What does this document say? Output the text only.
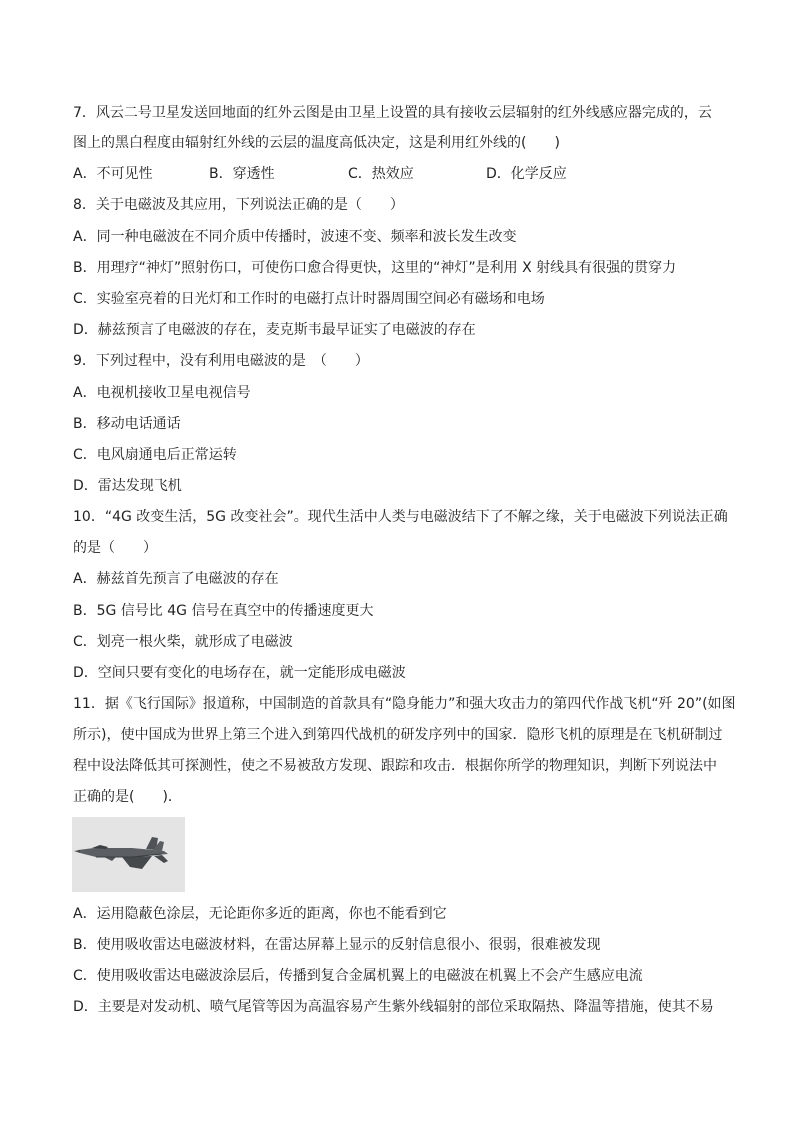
7．风云二号卫星发送回地面的红外云图是由卫星上设置的具有接收云层辐射的红外线感应器完成的，云
图上的黑白程度由辐射红外线的云层的温度高低决定，这是利用红外线的(　　)
A．不可见性	B．穿透性	C．热效应	D．化学反应
8．关于电磁波及其应用，下列说法正确的是（　　）
A．同一种电磁波在不同介质中传播时，波速不变、频率和波长发生改变
B．用理疗“神灯”照射伤口，可使伤口愈合得更快，这里的“神灯”是利用 X 射线具有很强的贯穿力
C．实验室亮着的日光灯和工作时的电磁打点计时器周围空间必有磁场和电场
D．赫兹预言了电磁波的存在，麦克斯韦最早证实了电磁波的存在
9．下列过程中，没有利用电磁波的是　（　　）
A．电视机接收卫星电视信号
B．移动电话通话
C．电风扇通电后正常运转
D．雷达发现飞机
10．“4G 改变生活，5G 改变社会”。现代生活中人类与电磁波结下了不解之缘，关于电磁波下列说法正确
的是（　　）
A．赫兹首先预言了电磁波的存在
B．5G 信号比 4G 信号在真空中的传播速度更大
C．划亮一根火柴，就形成了电磁波
D．空间只要有变化的电场存在，就一定能形成电磁波
11．据《飞行国际》报道称，中国制造的首款具有“隐身能力”和强大攻击力的第四代作战飞机“歼 20”(如图
所示)，使中国成为世界上第三个进入到第四代战机的研发序列中的国家．隐形飞机的原理是在飞机研制过
程中设法降低其可探测性，使之不易被敌方发现、跟踪和攻击．根据你所学的物理知识，判断下列说法中
正确的是(　　)．
A．运用隐蔽色涂层，无论距你多近的距离，你也不能看到它
B．使用吸收雷达电磁波材料，在雷达屏幕上显示的反射信息很小、很弱，很难被发现
C．使用吸收雷达电磁波涂层后，传播到复合金属机翼上的电磁波在机翼上不会产生感应电流
D．主要是对发动机、喷气尾管等因为高温容易产生紫外线辐射的部位采取隔热、降温等措施，使其不易
